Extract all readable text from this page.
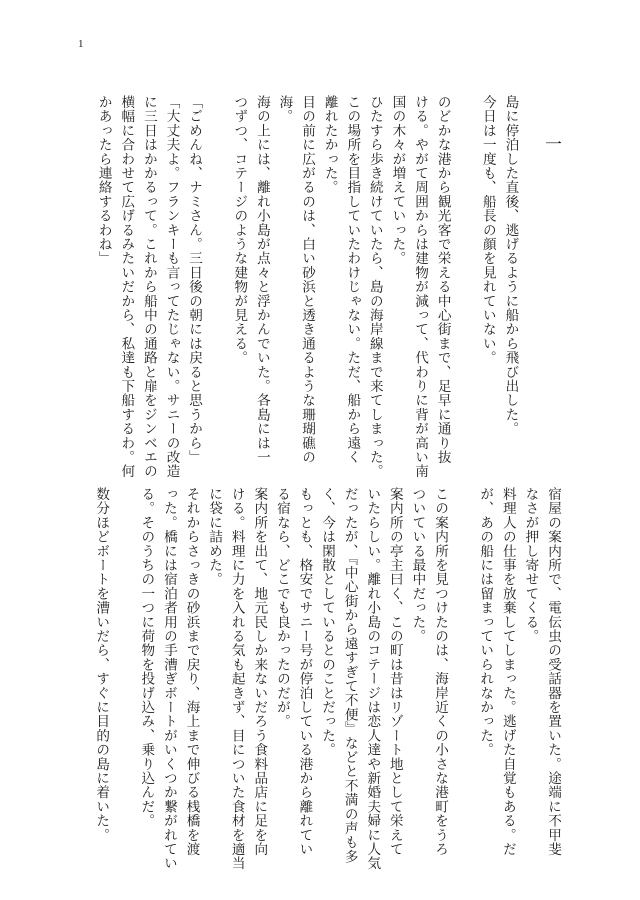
1

一

島に停泊した直後、逃げるように船から飛び出した。

今日は一度も、船長の顔を見れていない。

のどかな港から観光客で栄える中心街まで、足早に通り抜

ける。やがて周囲からは建物が減って、代わりに背が高い南

国の木々が増えていった。

ひたすら歩き続けていたら、島の海岸線まで来てしまった。

この場所を目指していたわけじゃない。ただ、船から遠く

離れたかった。

目の前に広がるのは、白い砂浜と透き通るような珊瑚礁の

海。

海の上には、離れ小島が点々と浮かんでいた。各島には一

つずつ、コテージのような建物が見える。

「ごめんね、ナミさん。三日後の朝には戻ると思うから」

「大丈夫よ。フランキーも言ってたじゃない。サニーの改造

に三日はかかるって。これから船中の通路と扉をジンベエの

横幅に合わせて広げるみたいだから、私達も下船するわ。何

かあったら連絡するわね」

宿屋の案内所で、電伝虫の受話器を置いた。途端に不甲斐

なさが押し寄せてくる。

料理人の仕事を放棄してしまった。逃げた自覚もある。だ

が、あの船には留まっていられなかった。

この案内所を見つけたのは、海岸近くの小さな港町をうろ

ついている最中だった。

案内所の亭主曰く、この町は昔はリゾート地として栄えて

いたらしい。離れ小島のコテージは恋人達や新婚夫婦に人気

だったが、『中心街から遠すぎて不便』などと不満の声も多

く、今は閑散としているとのことだった。

もっとも、格安でサニー号が停泊している港から離れてい

る宿なら、どこでも良かったのだが。

案内所を出て、地元民しか来ないだろう食料品店に足を向

ける。料理に力を入れる気も起きず、目についた食材を適当

に袋に詰めた。

それからさっきの砂浜まで戻り、海上まで伸びる桟橋を渡

った。橋には宿泊者用の手漕ぎボートがいくつか繋がれてい

る。そのうちの一つに荷物を投げ込み、乗り込んだ。

数分ほどボートを漕いだら、すぐに目的の島に着いた。
